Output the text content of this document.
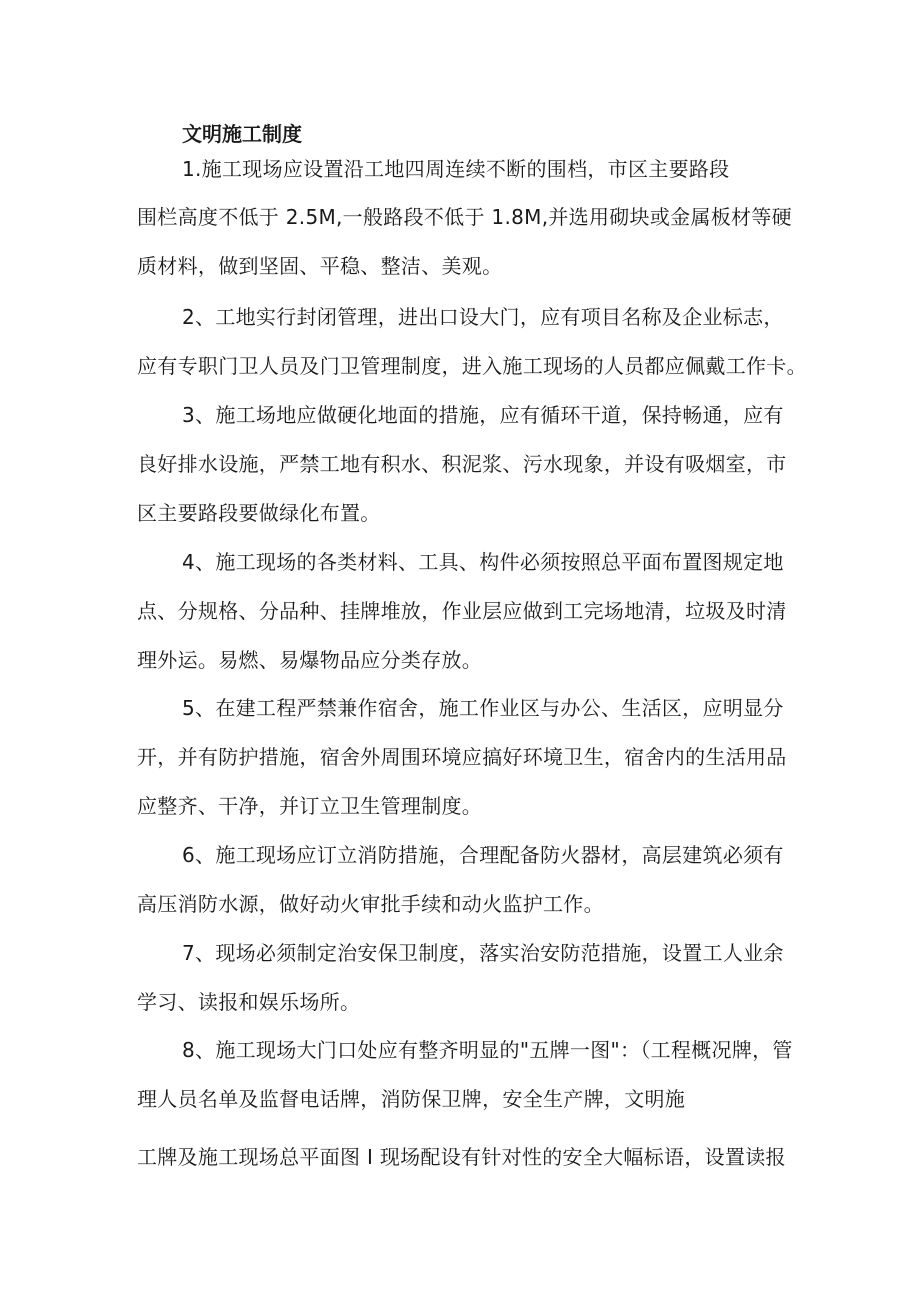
文明施工制度
1.施工现场应设置沿工地四周连续不断的围档，市区主要路段
围栏高度不低于 2.5M,一般路段不低于 1.8M,并选用砌块或金属板材等硬
质材料，做到坚固、平稳、整洁、美观。
2、工地实行封闭管理，进出口设大门，应有项目名称及企业标志，
应有专职门卫人员及门卫管理制度，进入施工现场的人员都应佩戴工作卡。
3、施工场地应做硬化地面的措施，应有循环干道，保持畅通，应有
良好排水设施，严禁工地有积水、积泥浆、污水现象，并设有吸烟室，市
区主要路段要做绿化布置。
4、施工现场的各类材料、工具、构件必须按照总平面布置图规定地
点、分规格、分品种、挂牌堆放，作业层应做到工完场地清，垃圾及时清
理外运。易燃、易爆物品应分类存放。
5、在建工程严禁兼作宿舍，施工作业区与办公、生活区，应明显分
开，并有防护措施，宿舍外周围环境应搞好环境卫生，宿舍内的生活用品
应整齐、干净，并订立卫生管理制度。
6、施工现场应订立消防措施，合理配备防火器材，高层建筑必须有
高压消防水源，做好动火审批手续和动火监护工作。
7、现场必须制定治安保卫制度，落实治安防范措施，设置工人业余
学习、读报和娱乐场所。
8、施工现场大门口处应有整齐明显的"五牌一图"：（工程概况牌，管
理人员名单及监督电话牌，消防保卫牌，安全生产牌，文明施
工牌及施工现场总平面图 I 现场配设有针对性的安全大幅标语，设置读报
